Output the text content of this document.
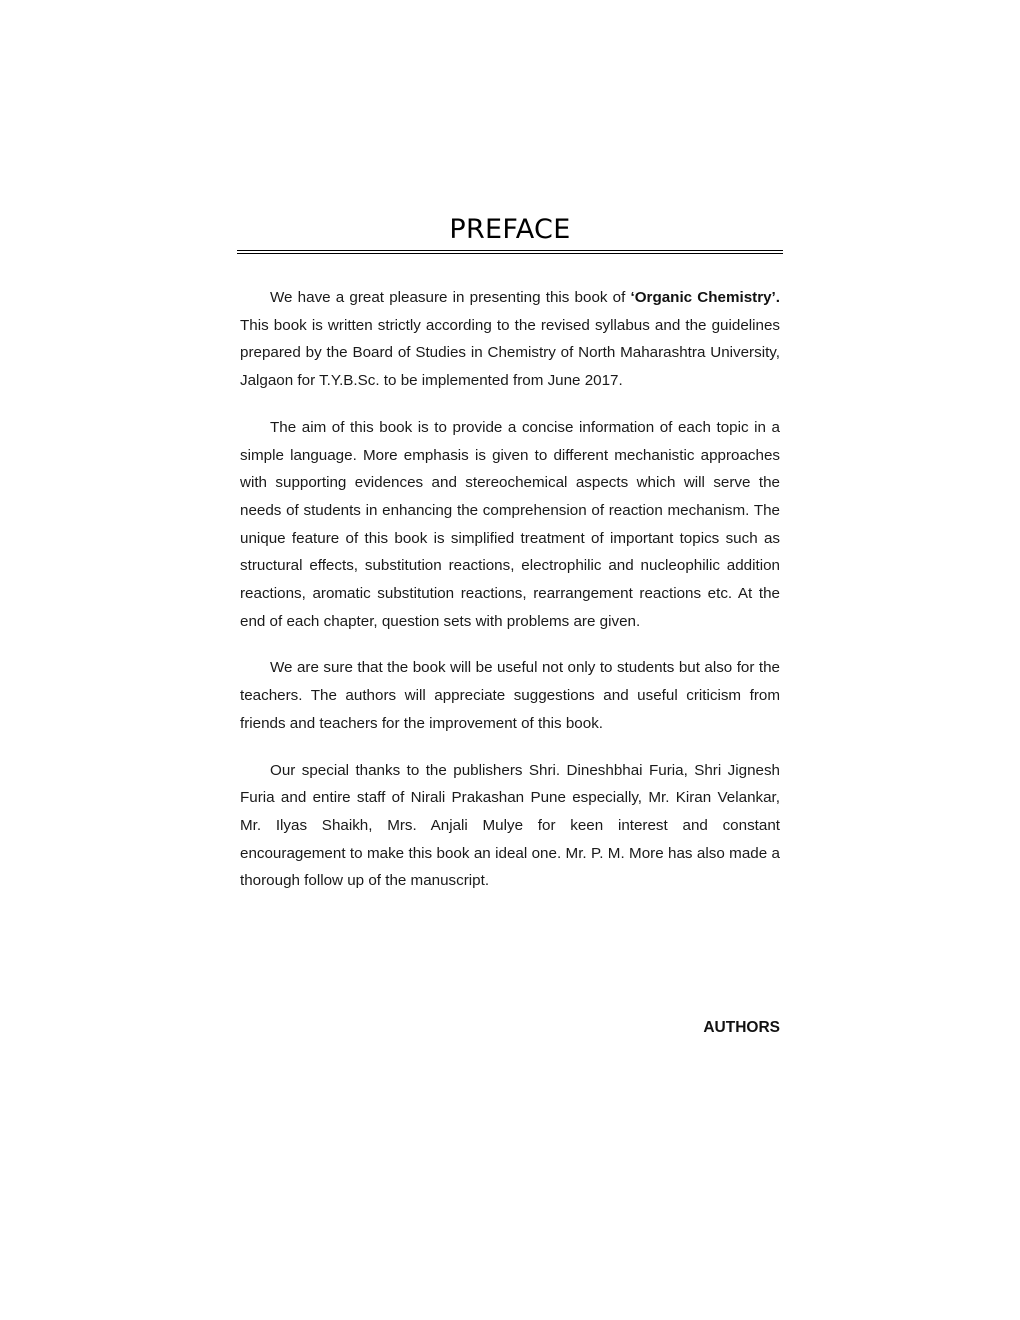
PREFACE

We have a great pleasure in presenting this book of ‘Organic Chemistry’. This book is written strictly according to the revised syllabus and the guidelines prepared by the Board of Studies in Chemistry of North Maharashtra University, Jalgaon for T.Y.B.Sc. to be implemented from June 2017.

The aim of this book is to provide a concise information of each topic in a simple language. More emphasis is given to different mechanistic approaches with supporting evidences and stereochemical aspects which will serve the needs of students in enhancing the comprehension of reaction mechanism. The unique feature of this book is simplified treatment of important topics such as structural effects, substitution reactions, electrophilic and nucleophilic addition reactions, aromatic substitution reactions, rearrangement reactions etc. At the end of each chapter, question sets with problems are given.

We are sure that the book will be useful not only to students but also for the teachers. The authors will appreciate suggestions and useful criticism from friends and teachers for the improvement of this book.

Our special thanks to the publishers Shri. Dineshbhai Furia, Shri Jignesh Furia and entire staff of Nirali Prakashan Pune especially, Mr. Kiran Velankar, Mr. Ilyas Shaikh, Mrs. Anjali Mulye for keen interest and constant encouragement to make this book an ideal one. Mr. P. M. More has also made a thorough follow up of the manuscript.

AUTHORS
